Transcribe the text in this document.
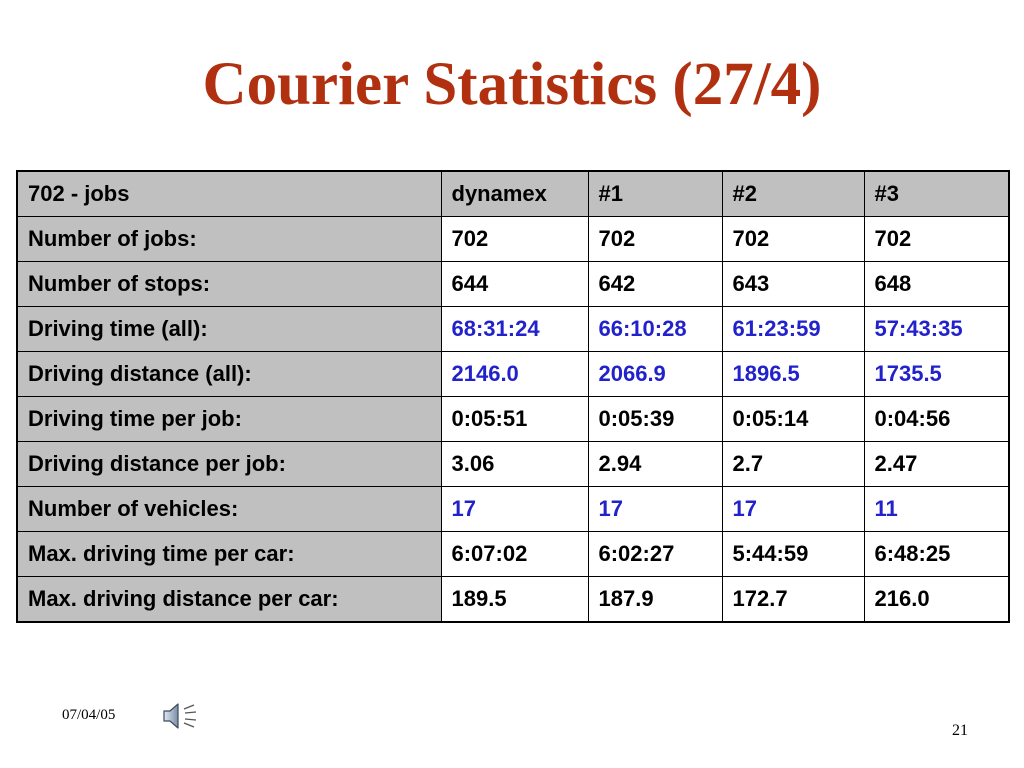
Courier Statistics (27/4)
702 - jobs	dynamex	#1	#2	#3
Number of jobs:	702	702	702	702
Number of stops:	644	642	643	648
Driving time (all):	68:31:24	66:10:28	61:23:59	57:43:35
Driving distance (all):	2146.0	2066.9	1896.5	1735.5
Driving time per job:	0:05:51	0:05:39	0:05:14	0:04:56
Driving distance per job:	3.06	2.94	2.7	2.47
Number of vehicles:	17	17	17	11
Max. driving time per car:	6:07:02	6:02:27	5:44:59	6:48:25
Max. driving distance per car:	189.5	187.9	172.7	216.0
07/04/05
21
